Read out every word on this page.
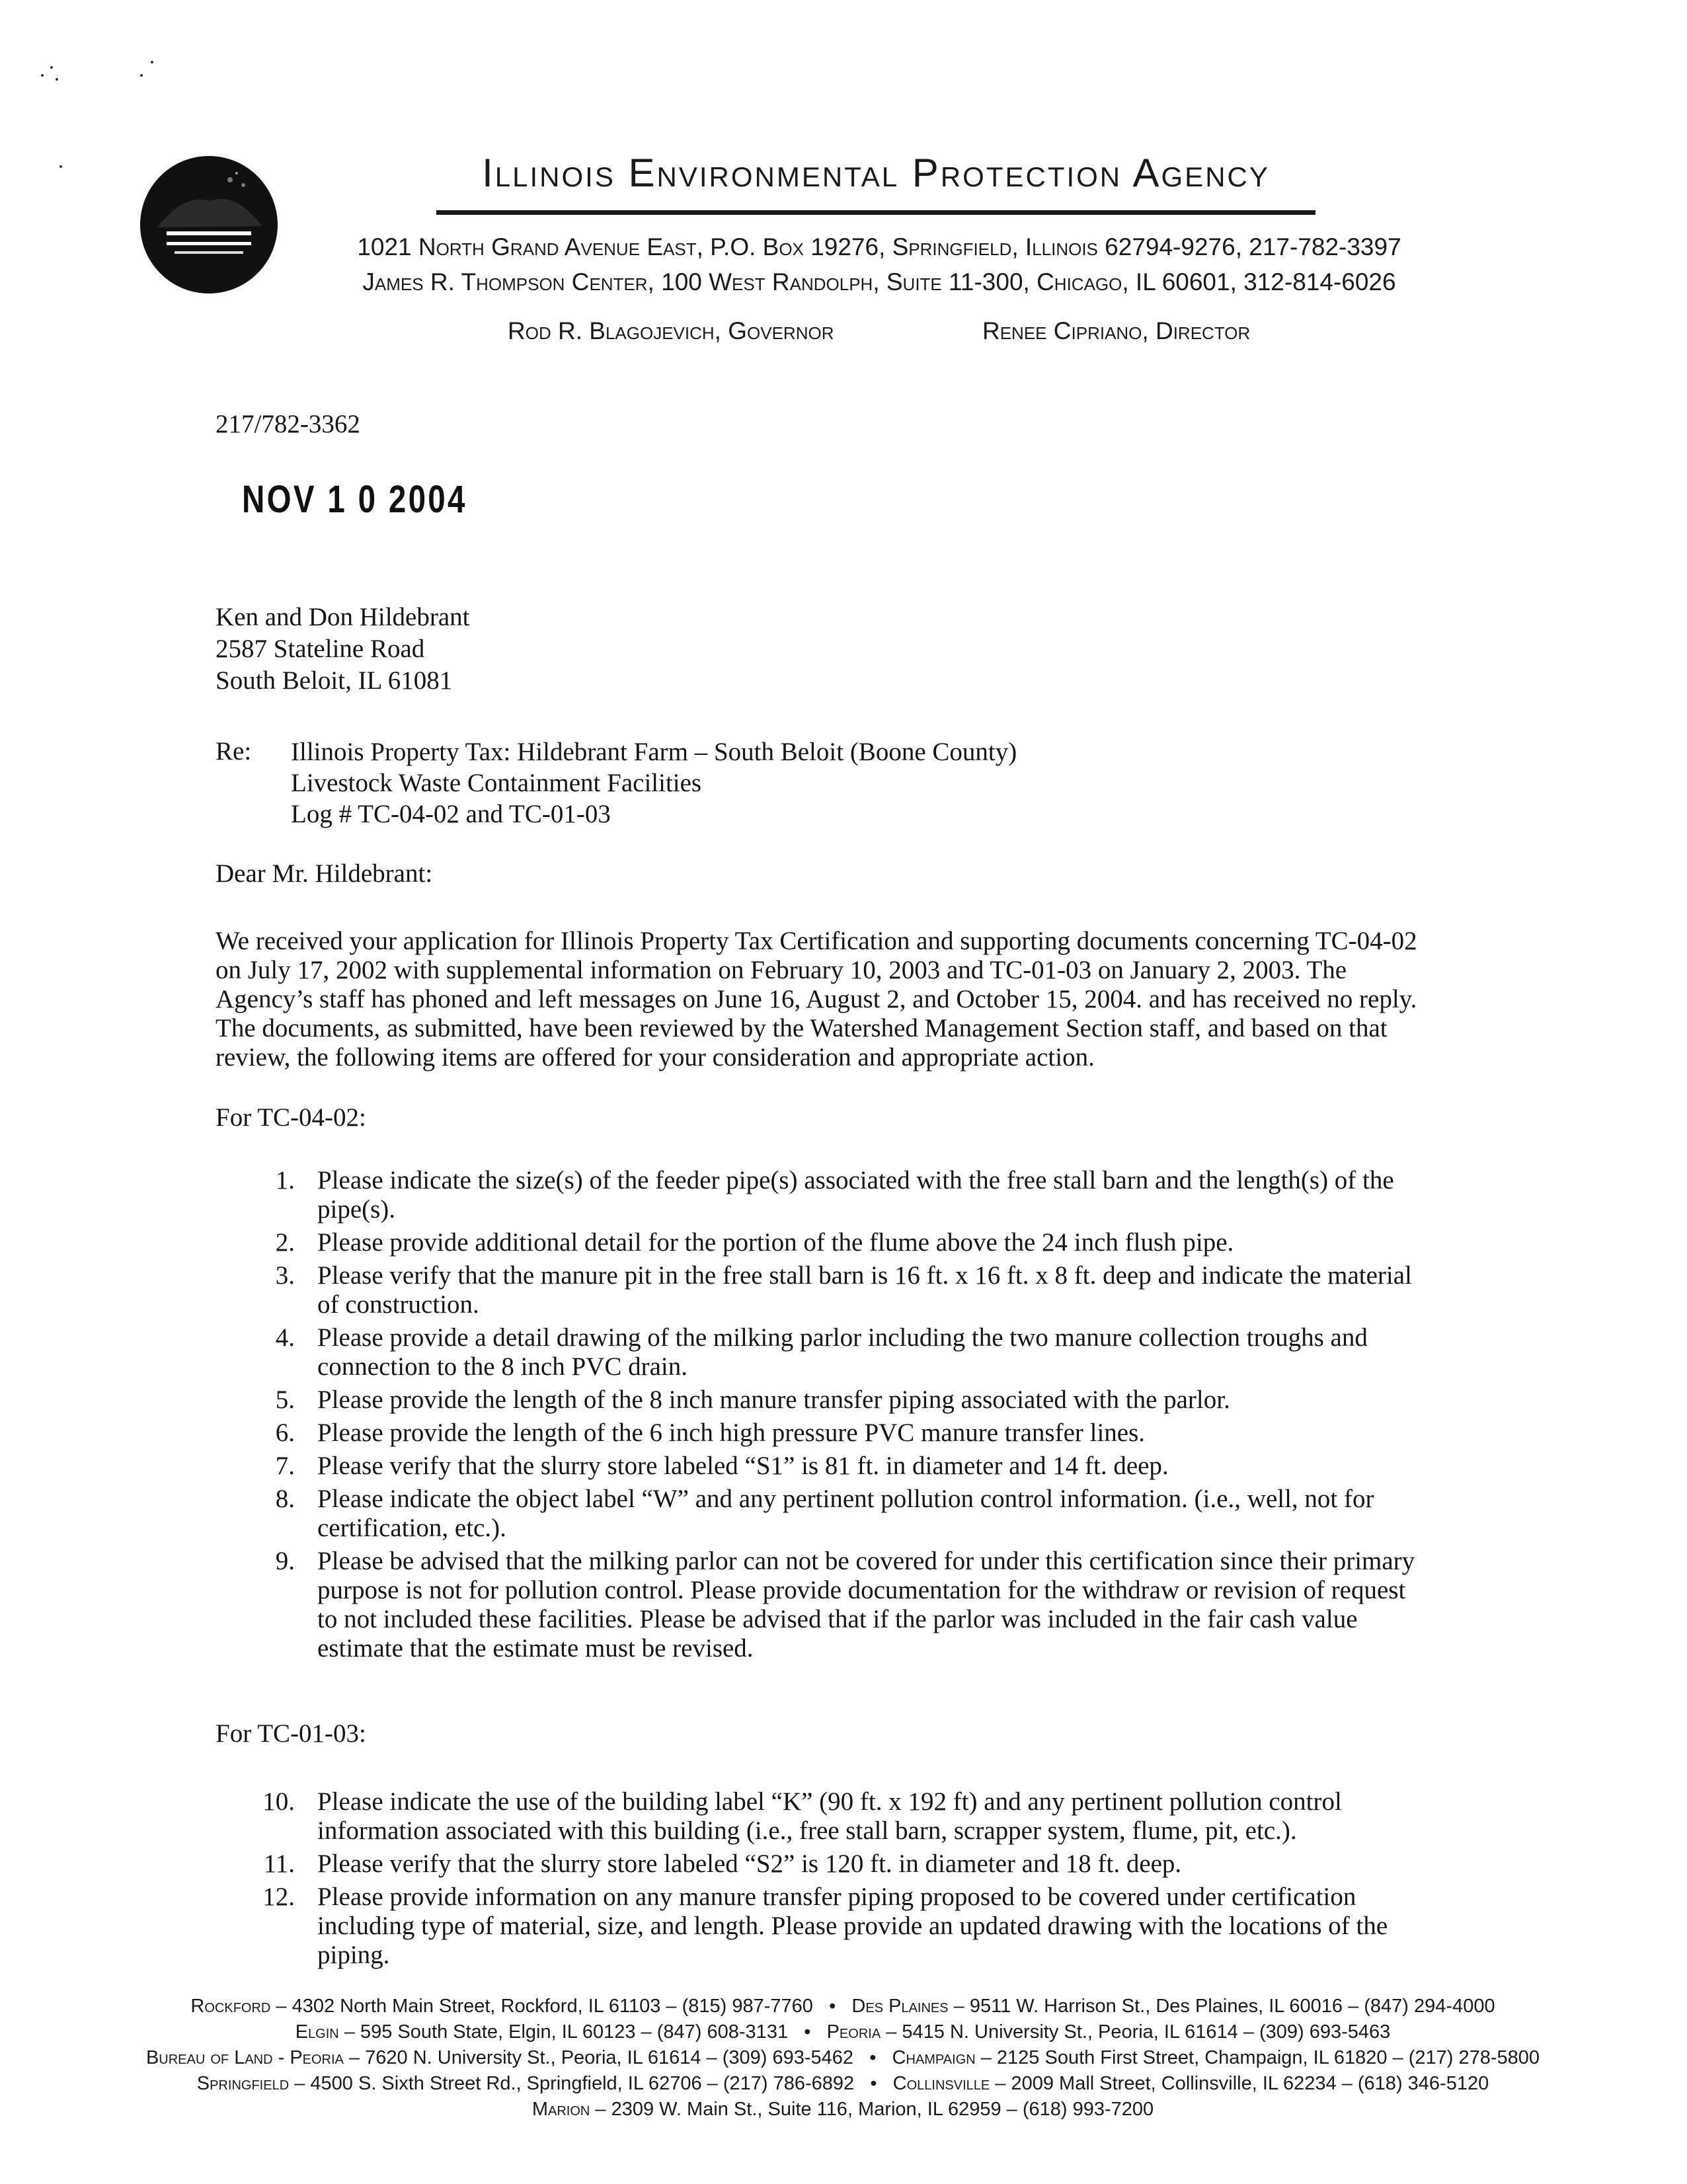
Illinois Environmental Protection Agency
1021 North Grand Avenue East, P.O. Box 19276, Springfield, Illinois 62794-9276, 217-782-3397
James R. Thompson Center, 100 West Randolph, Suite 11-300, Chicago, IL 60601, 312-814-6026
Rod R. Blagojevich, Governor	Renee Cipriano, Director
217/782-3362
NOV 1 0 2004
Ken and Don Hildebrant
2587 Stateline Road
South Beloit, IL 61081
Re: Illinois Property Tax: Hildebrant Farm – South Beloit (Boone County)
Livestock Waste Containment Facilities
Log # TC-04-02 and TC-01-03
Dear Mr. Hildebrant:
We received your application for Illinois Property Tax Certification and supporting documents concerning TC-04-02
on July 17, 2002 with supplemental information on February 10, 2003 and TC-01-03 on January 2, 2003. The
Agency’s staff has phoned and left messages on June 16, August 2, and October 15, 2004. and has received no reply.
The documents, as submitted, have been reviewed by the Watershed Management Section staff, and based on that
review, the following items are offered for your consideration and appropriate action.
For TC-04-02:
1. Please indicate the size(s) of the feeder pipe(s) associated with the free stall barn and the length(s) of the
pipe(s).
2. Please provide additional detail for the portion of the flume above the 24 inch flush pipe.
3. Please verify that the manure pit in the free stall barn is 16 ft. x 16 ft. x 8 ft. deep and indicate the material
of construction.
4. Please provide a detail drawing of the milking parlor including the two manure collection troughs and
connection to the 8 inch PVC drain.
5. Please provide the length of the 8 inch manure transfer piping associated with the parlor.
6. Please provide the length of the 6 inch high pressure PVC manure transfer lines.
7. Please verify that the slurry store labeled “S1” is 81 ft. in diameter and 14 ft. deep.
8. Please indicate the object label “W” and any pertinent pollution control information. (i.e., well, not for
certification, etc.).
9. Please be advised that the milking parlor can not be covered for under this certification since their primary
purpose is not for pollution control. Please provide documentation for the withdraw or revision of request
to not included these facilities. Please be advised that if the parlor was included in the fair cash value
estimate that the estimate must be revised.
For TC-01-03:
10. Please indicate the use of the building label “K” (90 ft. x 192 ft) and any pertinent pollution control
information associated with this building (i.e., free stall barn, scrapper system, flume, pit, etc.).
11. Please verify that the slurry store labeled “S2” is 120 ft. in diameter and 18 ft. deep.
12. Please provide information on any manure transfer piping proposed to be covered under certification
including type of material, size, and length. Please provide an updated drawing with the locations of the
piping.
Rockford – 4302 North Main Street, Rockford, IL 61103 – (815) 987-7760 • Des Plaines – 9511 W. Harrison St., Des Plaines, IL 60016 – (847) 294-4000
Elgin – 595 South State, Elgin, IL 60123 – (847) 608-3131 • Peoria – 5415 N. University St., Peoria, IL 61614 – (309) 693-5463
Bureau of Land - Peoria – 7620 N. University St., Peoria, IL 61614 – (309) 693-5462 • Champaign – 2125 South First Street, Champaign, IL 61820 – (217) 278-5800
Springfield – 4500 S. Sixth Street Rd., Springfield, IL 62706 – (217) 786-6892 • Collinsville – 2009 Mall Street, Collinsville, IL 62234 – (618) 346-5120
Marion – 2309 W. Main St., Suite 116, Marion, IL 62959 – (618) 993-7200
